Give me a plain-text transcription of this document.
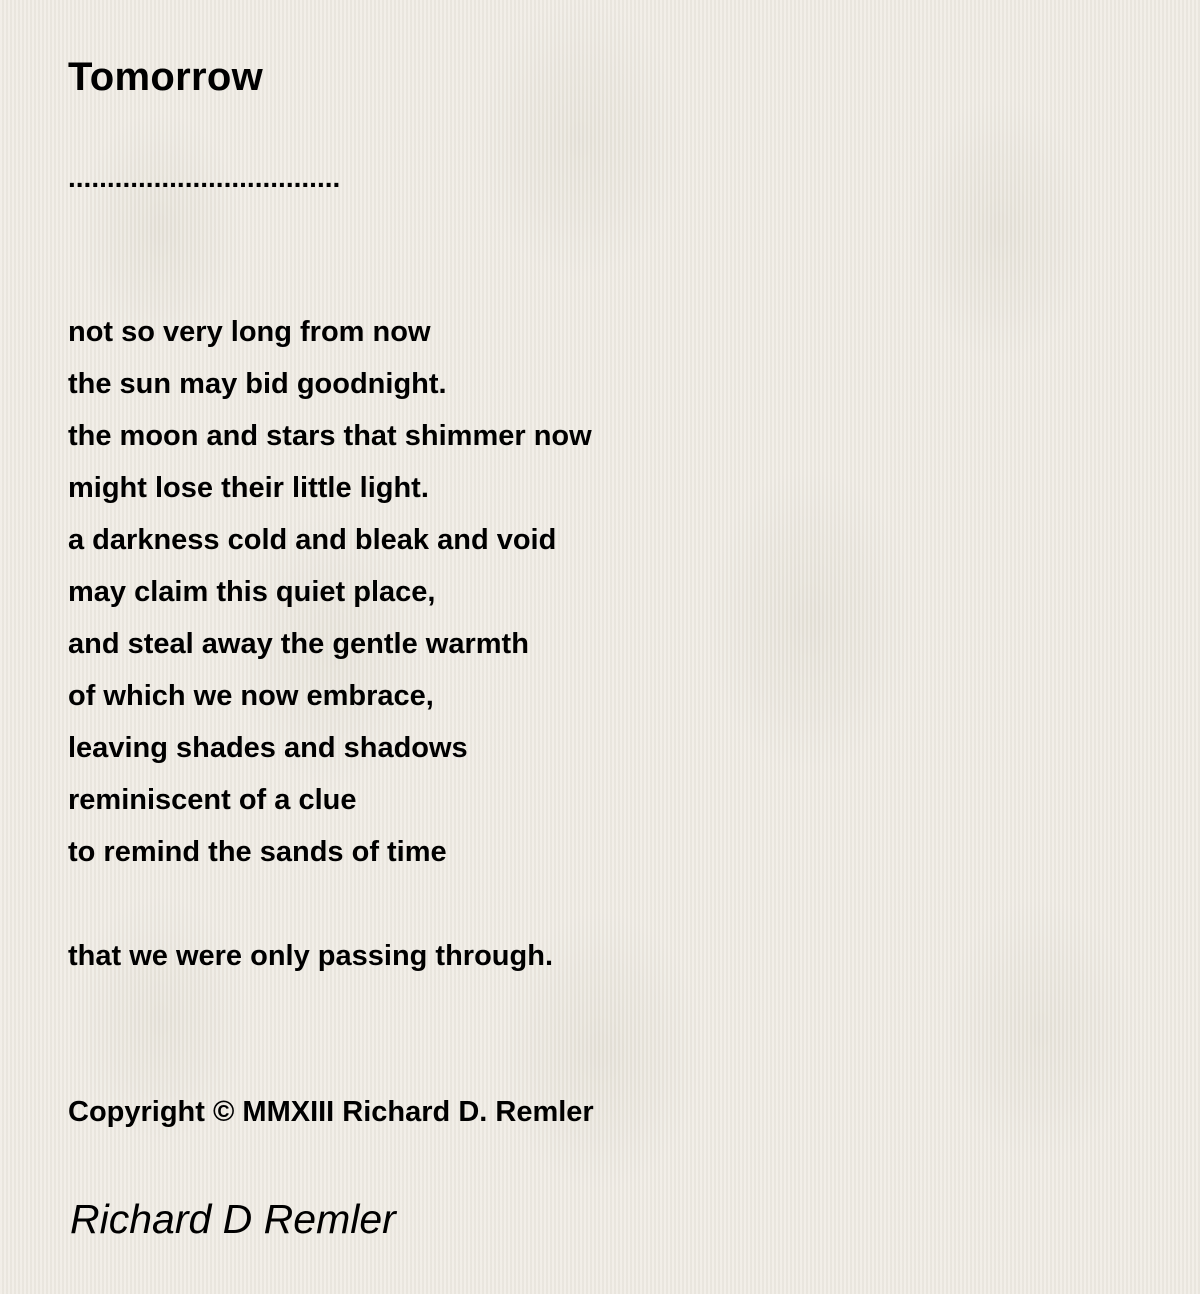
Tomorrow
...................................
not so very long from now
the sun may bid goodnight.
the moon and stars that shimmer now
might lose their little light.
a darkness cold and bleak and void
may claim this quiet place,
and steal away the gentle warmth
of which we now embrace,
leaving shades and shadows
reminiscent of a clue
to remind the sands of time
that we were only passing through.
Copyright © MMXIII Richard D. Remler
Richard D Remler
